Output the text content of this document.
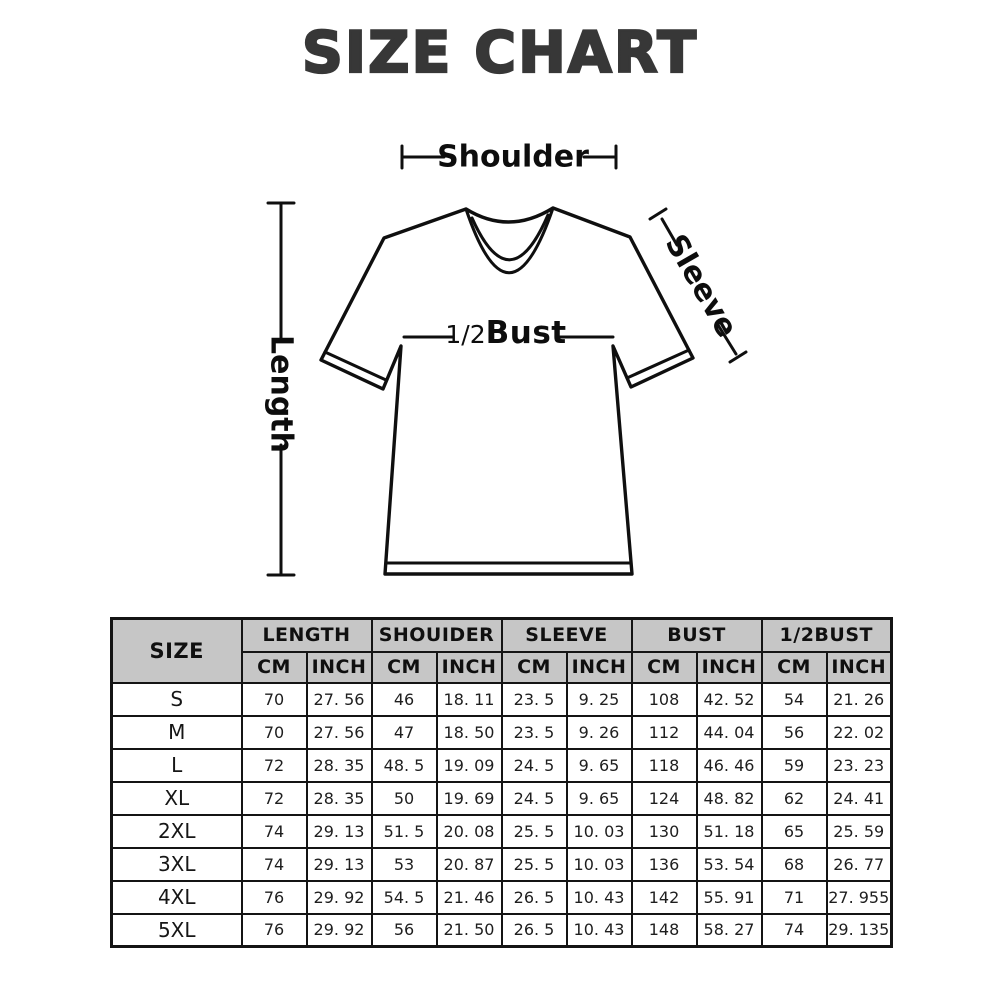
SIZE CHART
Shoulder
Length
Sleeve
1/2Bust
SIZE	LENGTH		SHOUIDER		SLEEVE		BUST		1/2BUST	
	CM	INCH	CM	INCH	CM	INCH	CM	INCH	CM	INCH
S	70	27. 56	46	18. 11	23. 5	9. 25	108	42. 52	54	21. 26
M	70	27. 56	47	18. 50	23. 5	9. 26	112	44. 04	56	22. 02
L	72	28. 35	48. 5	19. 09	24. 5	9. 65	118	46. 46	59	23. 23
XL	72	28. 35	50	19. 69	24. 5	9. 65	124	48. 82	62	24. 41
2XL	74	29. 13	51. 5	20. 08	25. 5	10. 03	130	51. 18	65	25. 59
3XL	74	29. 13	53	20. 87	25. 5	10. 03	136	53. 54	68	26. 77
4XL	76	29. 92	54. 5	21. 46	26. 5	10. 43	142	55. 91	71	27. 955
5XL	76	29. 92	56	21. 50	26. 5	10. 43	148	58. 27	74	29. 135
